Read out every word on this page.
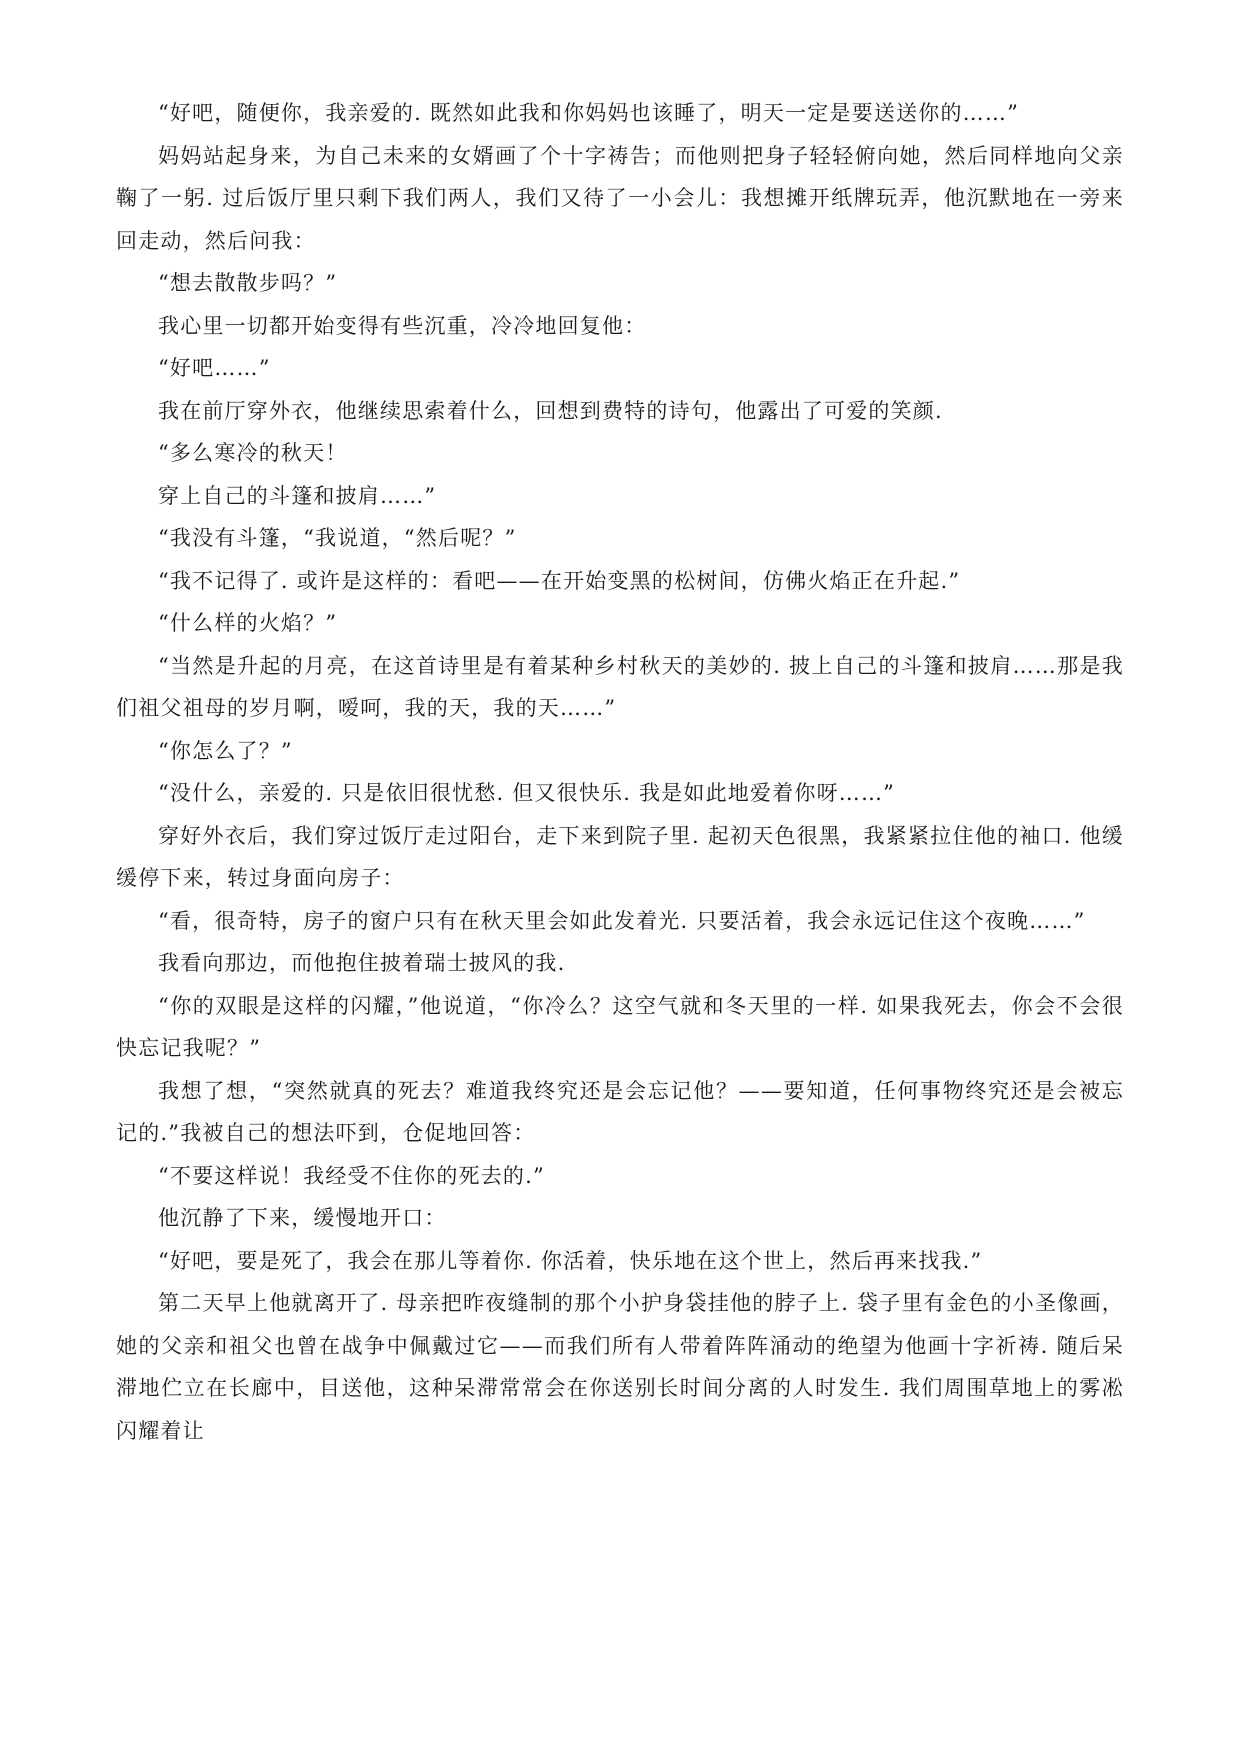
“好吧，随便你，我亲爱的. 既然如此我和你妈妈也该睡了，明天一定是要送送你的……”

妈妈站起身来，为自己未来的女婿画了个十字祷告；而他则把身子轻轻俯向她，然后同样地向父亲鞠了一躬. 过后饭厅里只剩下我们两人，我们又待了一小会儿：我想摊开纸牌玩弄，他沉默地在一旁来回走动，然后问我：

“想去散散步吗？”

我心里一切都开始变得有些沉重，冷冷地回复他：

“好吧……”

我在前厅穿外衣，他继续思索着什么，回想到费特的诗句，他露出了可爱的笑颜.

“多么寒冷的秋天！

穿上自己的斗篷和披肩……”

“我没有斗篷，“我说道，“然后呢？”

“我不记得了. 或许是这样的：看吧——在开始变黑的松树间，仿佛火焰正在升起.”

“什么样的火焰？”

“当然是升起的月亮，在这首诗里是有着某种乡村秋天的美妙的. 披上自己的斗篷和披肩……那是我们祖父祖母的岁月啊，嗳呵，我的天，我的天……”

“你怎么了？”

“没什么，亲爱的. 只是依旧很忧愁. 但又很快乐. 我是如此地爱着你呀……”

穿好外衣后，我们穿过饭厅走过阳台，走下来到院子里. 起初天色很黑，我紧紧拉住他的袖口. 他缓缓停下来，转过身面向房子：

“看，很奇特，房子的窗户只有在秋天里会如此发着光. 只要活着，我会永远记住这个夜晚……”

我看向那边，而他抱住披着瑞士披风的我.

“你的双眼是这样的闪耀，”他说道，“你冷么？这空气就和冬天里的一样. 如果我死去，你会不会很快忘记我呢？”

我想了想，“突然就真的死去？难道我终究还是会忘记他？——要知道，任何事物终究还是会被忘记的.”我被自己的想法吓到，仓促地回答：

“不要这样说！我经受不住你的死去的.”

他沉静了下来，缓慢地开口：

“好吧，要是死了，我会在那儿等着你. 你活着，快乐地在这个世上，然后再来找我.”

第二天早上他就离开了. 母亲把昨夜缝制的那个小护身袋挂他的脖子上. 袋子里有金色的小圣像画，她的父亲和祖父也曾在战争中佩戴过它——而我们所有人带着阵阵涌动的绝望为他画十字祈祷. 随后呆滞地伫立在长廊中，目送他，这种呆滞常常会在你送别长时间分离的人时发生. 我们周围草地上的雾凇闪耀着让
